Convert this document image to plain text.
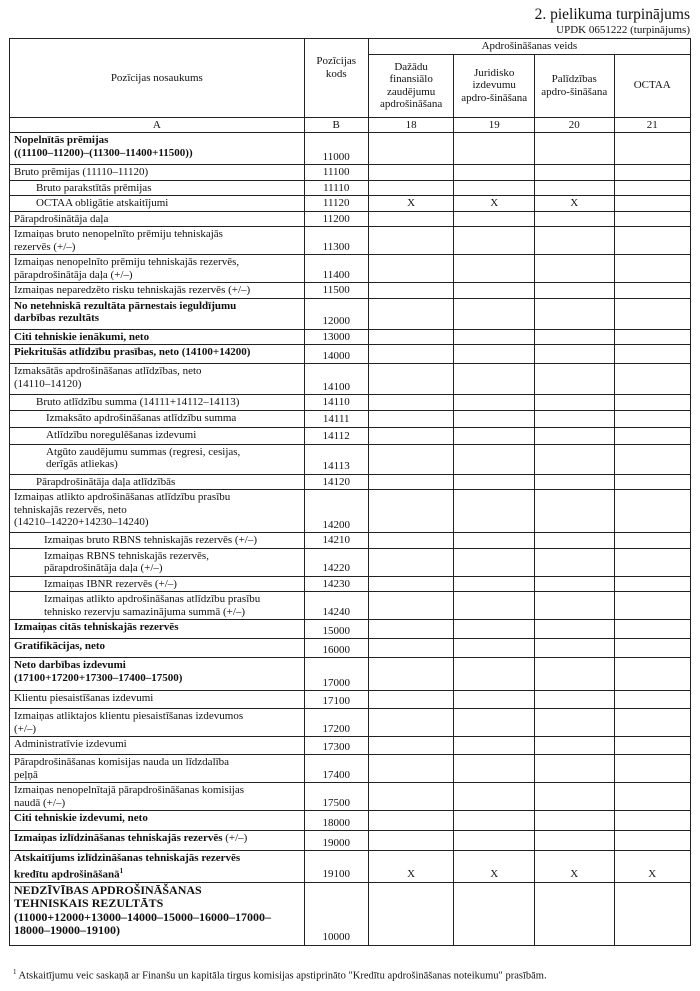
2. pielikuma turpinājums
UPDK 0651222 (turpinājums)
Pozīcijas nosaukums	Pozīcijas kods	Apdrošināšanas veids			
		Dažādu finansiālo zaudējumu apdrošināšana	Juridisko izdevumu apdro-šināšana	Palīdzības apdro-šināšana	OCTAA
A	B	18	19	20	21
Nopelnītās prēmijas
((11100–11200)–(11300–11400+11500))	11000				
Bruto prēmijas (11110–11120)	11100				
Bruto parakstītās prēmijas	11110				
OCTAA obligātie atskaitījumi	11120	X	X	X	
Pārapdrošinātāja daļa	11200				
Izmaiņas bruto nenopelnīto prēmiju tehniskajās
rezervēs (+/–)	11300				
Izmaiņas nenopelnīto prēmiju tehniskajās rezervēs,
pārapdrošinātāja daļa (+/–)	11400				
Izmaiņas neparedzēto risku tehniskajās rezervēs (+/–)	11500				
No netehniskā rezultāta pārnestais ieguldījumu
darbības rezultāts	12000				
Citi tehniskie ienākumi, neto	13000				
Piekritušās atlīdzību prasības, neto (14100+14200)	14000				
Izmaksātās apdrošināšanas atlīdzības, neto
(14110–14120)	14100				
Bruto atlīdzību summa (14111+14112–14113)	14110				
Izmaksāto apdrošināšanas atlīdzību summa	14111				
Atlīdzību noregulēšanas izdevumi	14112				
Atgūto zaudējumu summas (regresi, cesijas,
derīgās atliekas)	14113				
Pārapdrošinātāja daļa atlīdzībās	14120				
Izmaiņas atlikto apdrošināšanas atlīdzību prasību
tehniskajās rezervēs, neto
(14210–14220+14230–14240)	14200				
Izmaiņas bruto RBNS tehniskajās rezervēs (+/–)	14210				
Izmaiņas RBNS tehniskajās rezervēs,
pārapdrošinātāja daļa (+/–)	14220				
Izmaiņas IBNR rezervēs (+/–)	14230				
Izmaiņas atlikto apdrošināšanas atlīdzību prasību
tehnisko rezervju samazinājuma summā (+/–)	14240				
Izmaiņas citās tehniskajās rezervēs	15000				
Gratifikācijas, neto	16000				
Neto darbības izdevumi
(17100+17200+17300–17400–17500)	17000				
Klientu piesaistīšanas izdevumi	17100				
Izmaiņas atliktajos klientu piesaistīšanas izdevumos
(+/–)	17200				
Administratīvie izdevumi	17300				
Pārapdrošināšanas komisijas nauda un līdzdalība
peļņā	17400				
Izmaiņas nenopelnītajā pārapdrošināšanas komisijas
naudā (+/–)	17500				
Citi tehniskie izdevumi, neto	18000				
Izmaiņas izlīdzināšanas tehniskajās rezervēs (+/–)	19000				
Atskaitījums izlīdzināšanas tehniskajās rezervēs
kredītu apdrošināšanā$^1$	19100	X	X	X	X
NEDZĪVĪBAS APDROŠINĀŠANAS
TEHNISKAIS REZULTĀTS
(11000+12000+13000–14000–15000–16000–17000–
18000–19000–19100)	10000				
$^1$ Atskaitījumu veic saskaņā ar Finanšu un kapitāla tirgus komisijas apstiprināto "Kredītu apdrošināšanas noteikumu" prasībām.
